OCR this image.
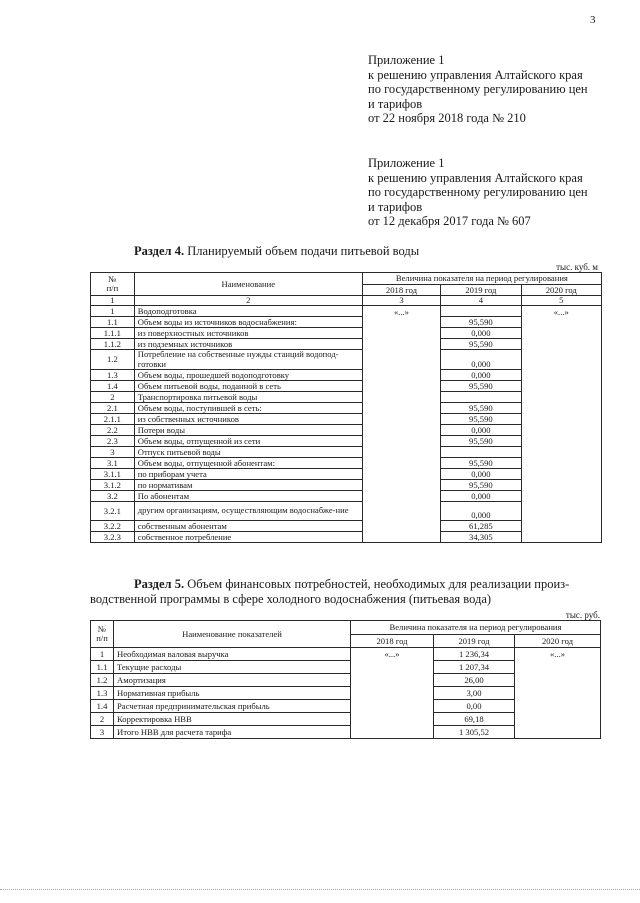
3
Приложение 1
к решению управления Алтайского края
по государственному регулированию цен
и тарифов
от 22 ноября 2018 года № 210
Приложение 1
к решению управления Алтайского края
по государственному регулированию цен
и тарифов
от 12 декабря 2017 года № 607
Раздел 4. Планируемый объем подачи питьевой воды
тыс. куб. м
№
п/п	Наименование	Величина показателя на период регулирования		
		2018 год	2019 год	2020 год
1	2	3	4	5
1	Водоподготовка	«...»		«...»
1.1	Объем воды из источников водоснабжения:		95,590	
1.1.1	из поверхностных источников		0,000	
1.1.2	из подземных источников		95,590	
1.2	Потребление на собственные нужды станций водопод-готовки		0,000	
1.3	Объем воды, прошедшей водоподготовку		0,000	
1.4	Объем питьевой воды, поданной в сеть		95,590	
2	Транспортировка питьевой воды			
2.1	Объем воды, поступившей в сеть:		95,590	
2.1.1	из собственных источников		95,590	
2.2	Потери воды		0,000	
2.3	Объем воды, отпущенной из сети		95,590	
3	Отпуск питьевой воды			
3.1	Объем воды, отпущенной абонентам:		95,590	
3.1.1	по приборам учета		0,000	
3.1.2	по нормативам		95,590	
3.2	По абонентам		0,000	
3.2.1	другим организациям, осуществляющим водоснабже-ние		0,000	
3.2.2	собственным абонентам		61,285	
3.2.3	собственное потребление		34,305	
Раздел 5. Объем финансовых потребностей, необходимых для реализации произ-
водственной программы в сфере холодного водоснабжения (питьевая вода)
тыс. руб.
№
п/п	Наименование показателей	Величина показателя на период регулирования		
		2018 год	2019 год	2020 год
1	Необходимая валовая выручка	«...»	1 236,34	«...»
1.1	Текущие расходы		1 207,34	
1.2	Амортизация		26,00	
1.3	Нормативная прибыль		3,00	
1.4	Расчетная предпринимательская прибыль		0,00	
2	Корректировка НВВ		69,18	
3	Итого НВВ для расчета тарифа		1 305,52	
